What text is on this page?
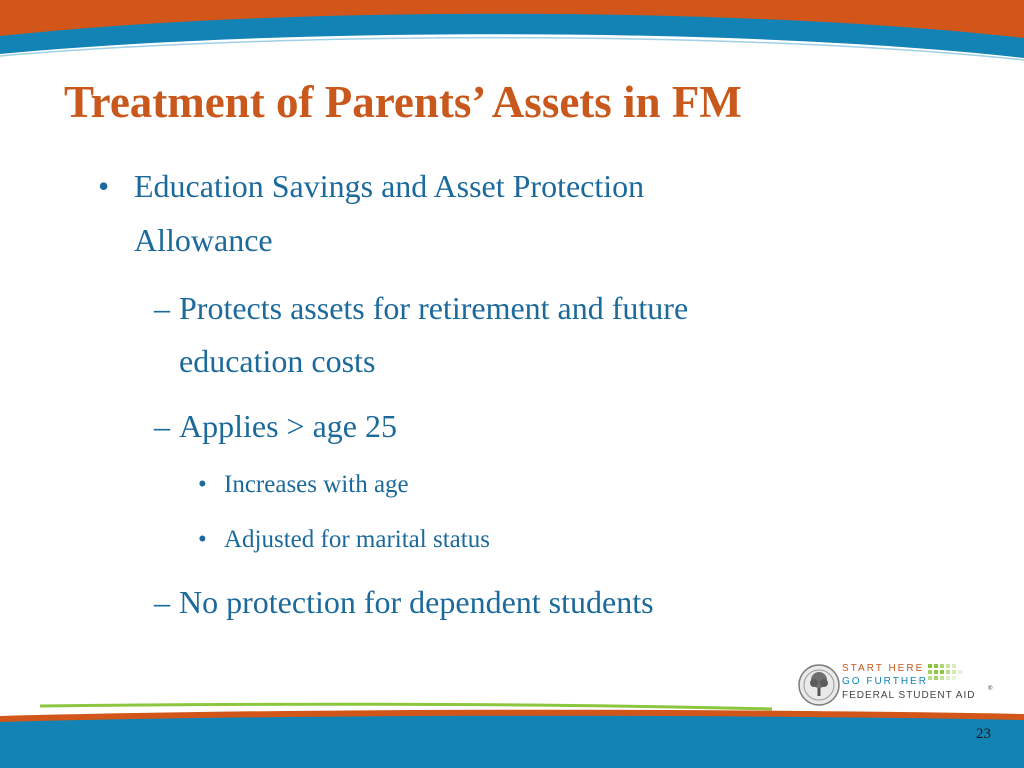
Treatment of Parents’ Assets in FM
• Education Savings and Asset Protection
Allowance
– Protects assets for retirement and future
education costs
– Applies > age 25
• Increases with age
• Adjusted for marital status
– No protection for dependent students
START HERE
GO FURTHER
FEDERAL STUDENT AID
®
23
